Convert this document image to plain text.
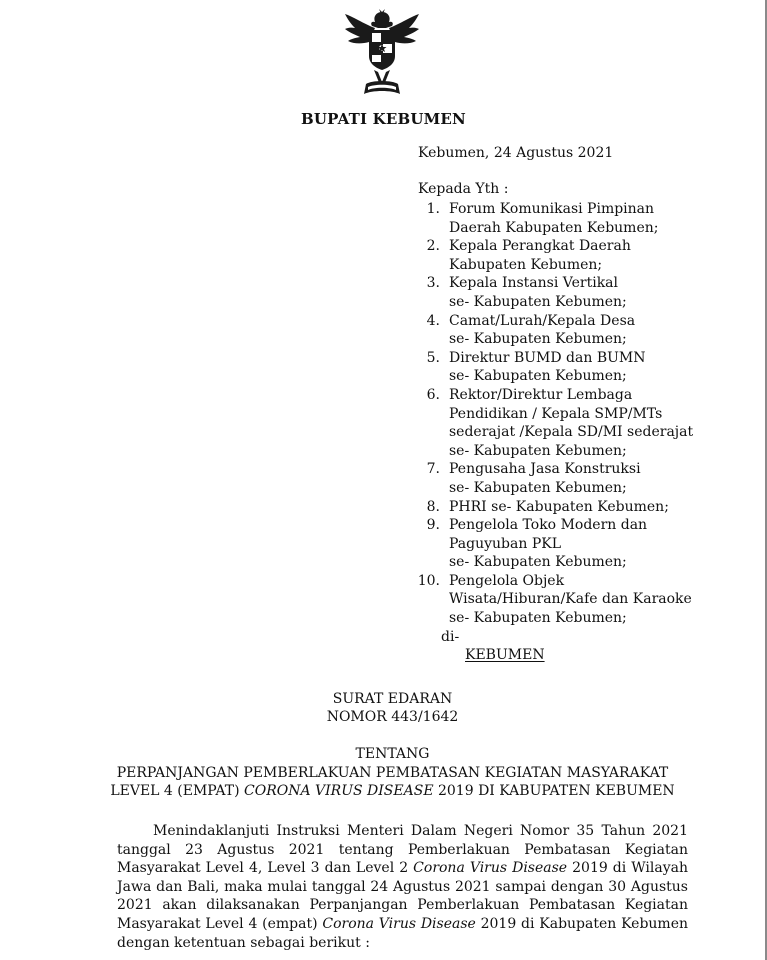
BUPATI KEBUMEN
Kebumen, 24 Agustus 2021
Kepada Yth :
1. Forum Komunikasi Pimpinan
Daerah Kabupaten Kebumen;
2. Kepala Perangkat Daerah
Kabupaten Kebumen;
3. Kepala Instansi Vertikal
se- Kabupaten Kebumen;
4. Camat/Lurah/Kepala Desa
se- Kabupaten Kebumen;
5. Direktur BUMD dan BUMN
se- Kabupaten Kebumen;
6. Rektor/Direktur Lembaga
Pendidikan / Kepala SMP/MTs
sederajat /Kepala SD/MI sederajat
se- Kabupaten Kebumen;
7. Pengusaha Jasa Konstruksi
se- Kabupaten Kebumen;
8. PHRI se- Kabupaten Kebumen;
9. Pengelola Toko Modern dan
Paguyuban PKL
se- Kabupaten Kebumen;
10. Pengelola Objek
Wisata/Hiburan/Kafe dan Karaoke
se- Kabupaten Kebumen;
di-
KEBUMEN
SURAT EDARAN
NOMOR 443/1642
TENTANG
PERPANJANGAN PEMBERLAKUAN PEMBATASAN KEGIATAN MASYARAKAT
LEVEL 4 (EMPAT) CORONA VIRUS DISEASE 2019 DI KABUPATEN KEBUMEN
Menindaklanjuti Instruksi Menteri Dalam Negeri Nomor 35 Tahun 2021 tanggal 23 Agustus 2021 tentang Pemberlakuan Pembatasan Kegiatan Masyarakat Level 4, Level 3 dan Level 2 Corona Virus Disease 2019 di Wilayah Jawa dan Bali, maka mulai tanggal 24 Agustus 2021 sampai dengan 30 Agustus 2021 akan dilaksanakan Perpanjangan Pemberlakuan Pembatasan Kegiatan Masyarakat Level 4 (empat) Corona Virus Disease 2019 di Kabupaten Kebumen dengan ketentuan sebagai berikut :
